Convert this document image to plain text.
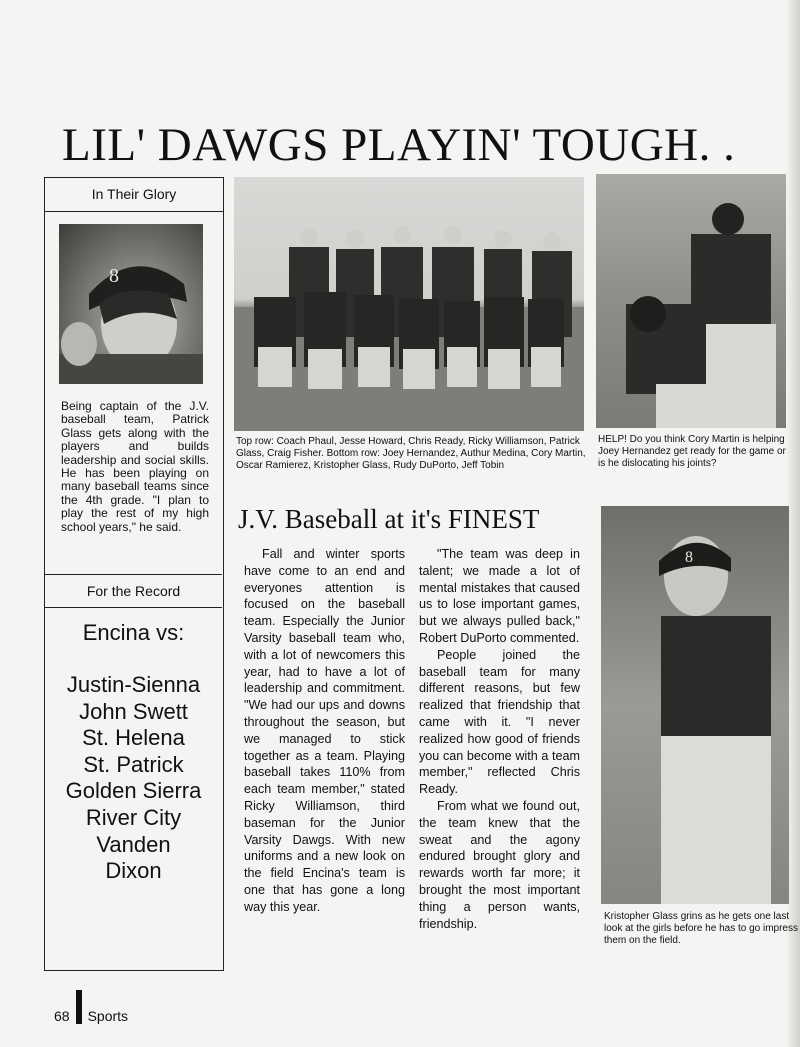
LIL' DAWGS PLAYIN' TOUGH. .
In Their Glory
8
Being captain of the J.V. baseball team, Patrick Glass gets along with the players and builds leadership and social skills. He has been playing on many baseball teams since the 4th grade. "I plan to play the rest of my high school years," he said.
For the Record
Encina vs:
Justin-Sienna
John Swett
St. Helena
St. Patrick
Golden Sierra
River City
Vanden
Dixon
Top row: Coach Phaul, Jesse Howard, Chris Ready, Ricky Williamson, Patrick Glass, Craig Fisher. Bottom row: Joey Hernandez, Authur Medina, Cory Martin, Oscar Ramierez, Kristopher Glass, Rudy DuPorto, Jeff Tobin
HELP! Do you think Cory Martin is helping Joey Hernandez get ready for the game or is he dislocating his joints?
J.V. Baseball at it's FINEST

Fall and winter sports have come to an end and everyones attention is focused on the baseball team. Especially the Junior Varsity baseball team who, with a lot of newcomers this year, had to have a lot of leadership and commitment. "We had our ups and downs throughout the season, but we managed to stick together as a team. Playing baseball takes 110% from each team member," stated Ricky Williamson, third baseman for the Junior Varsity Dawgs. With new uniforms and a new look on the field Encina's team is one that has gone a long way this year.

"The team was deep in talent; we made a lot of mental mistakes that caused us to lose important games, but we always pulled back," Robert DuPorto commented.

People joined the baseball team for many different reasons, but few realized that friendship that came with it. "I never realized how good of friends you can become with a team member," reflected Chris Ready.

From what we found out, the team knew that the sweat and the agony endured brought glory and rewards worth far more; it brought the most important thing a person wants, friendship.

8
Kristopher Glass grins as he gets one last look at the girls before he has to go impress them on the field.
68 Sports
